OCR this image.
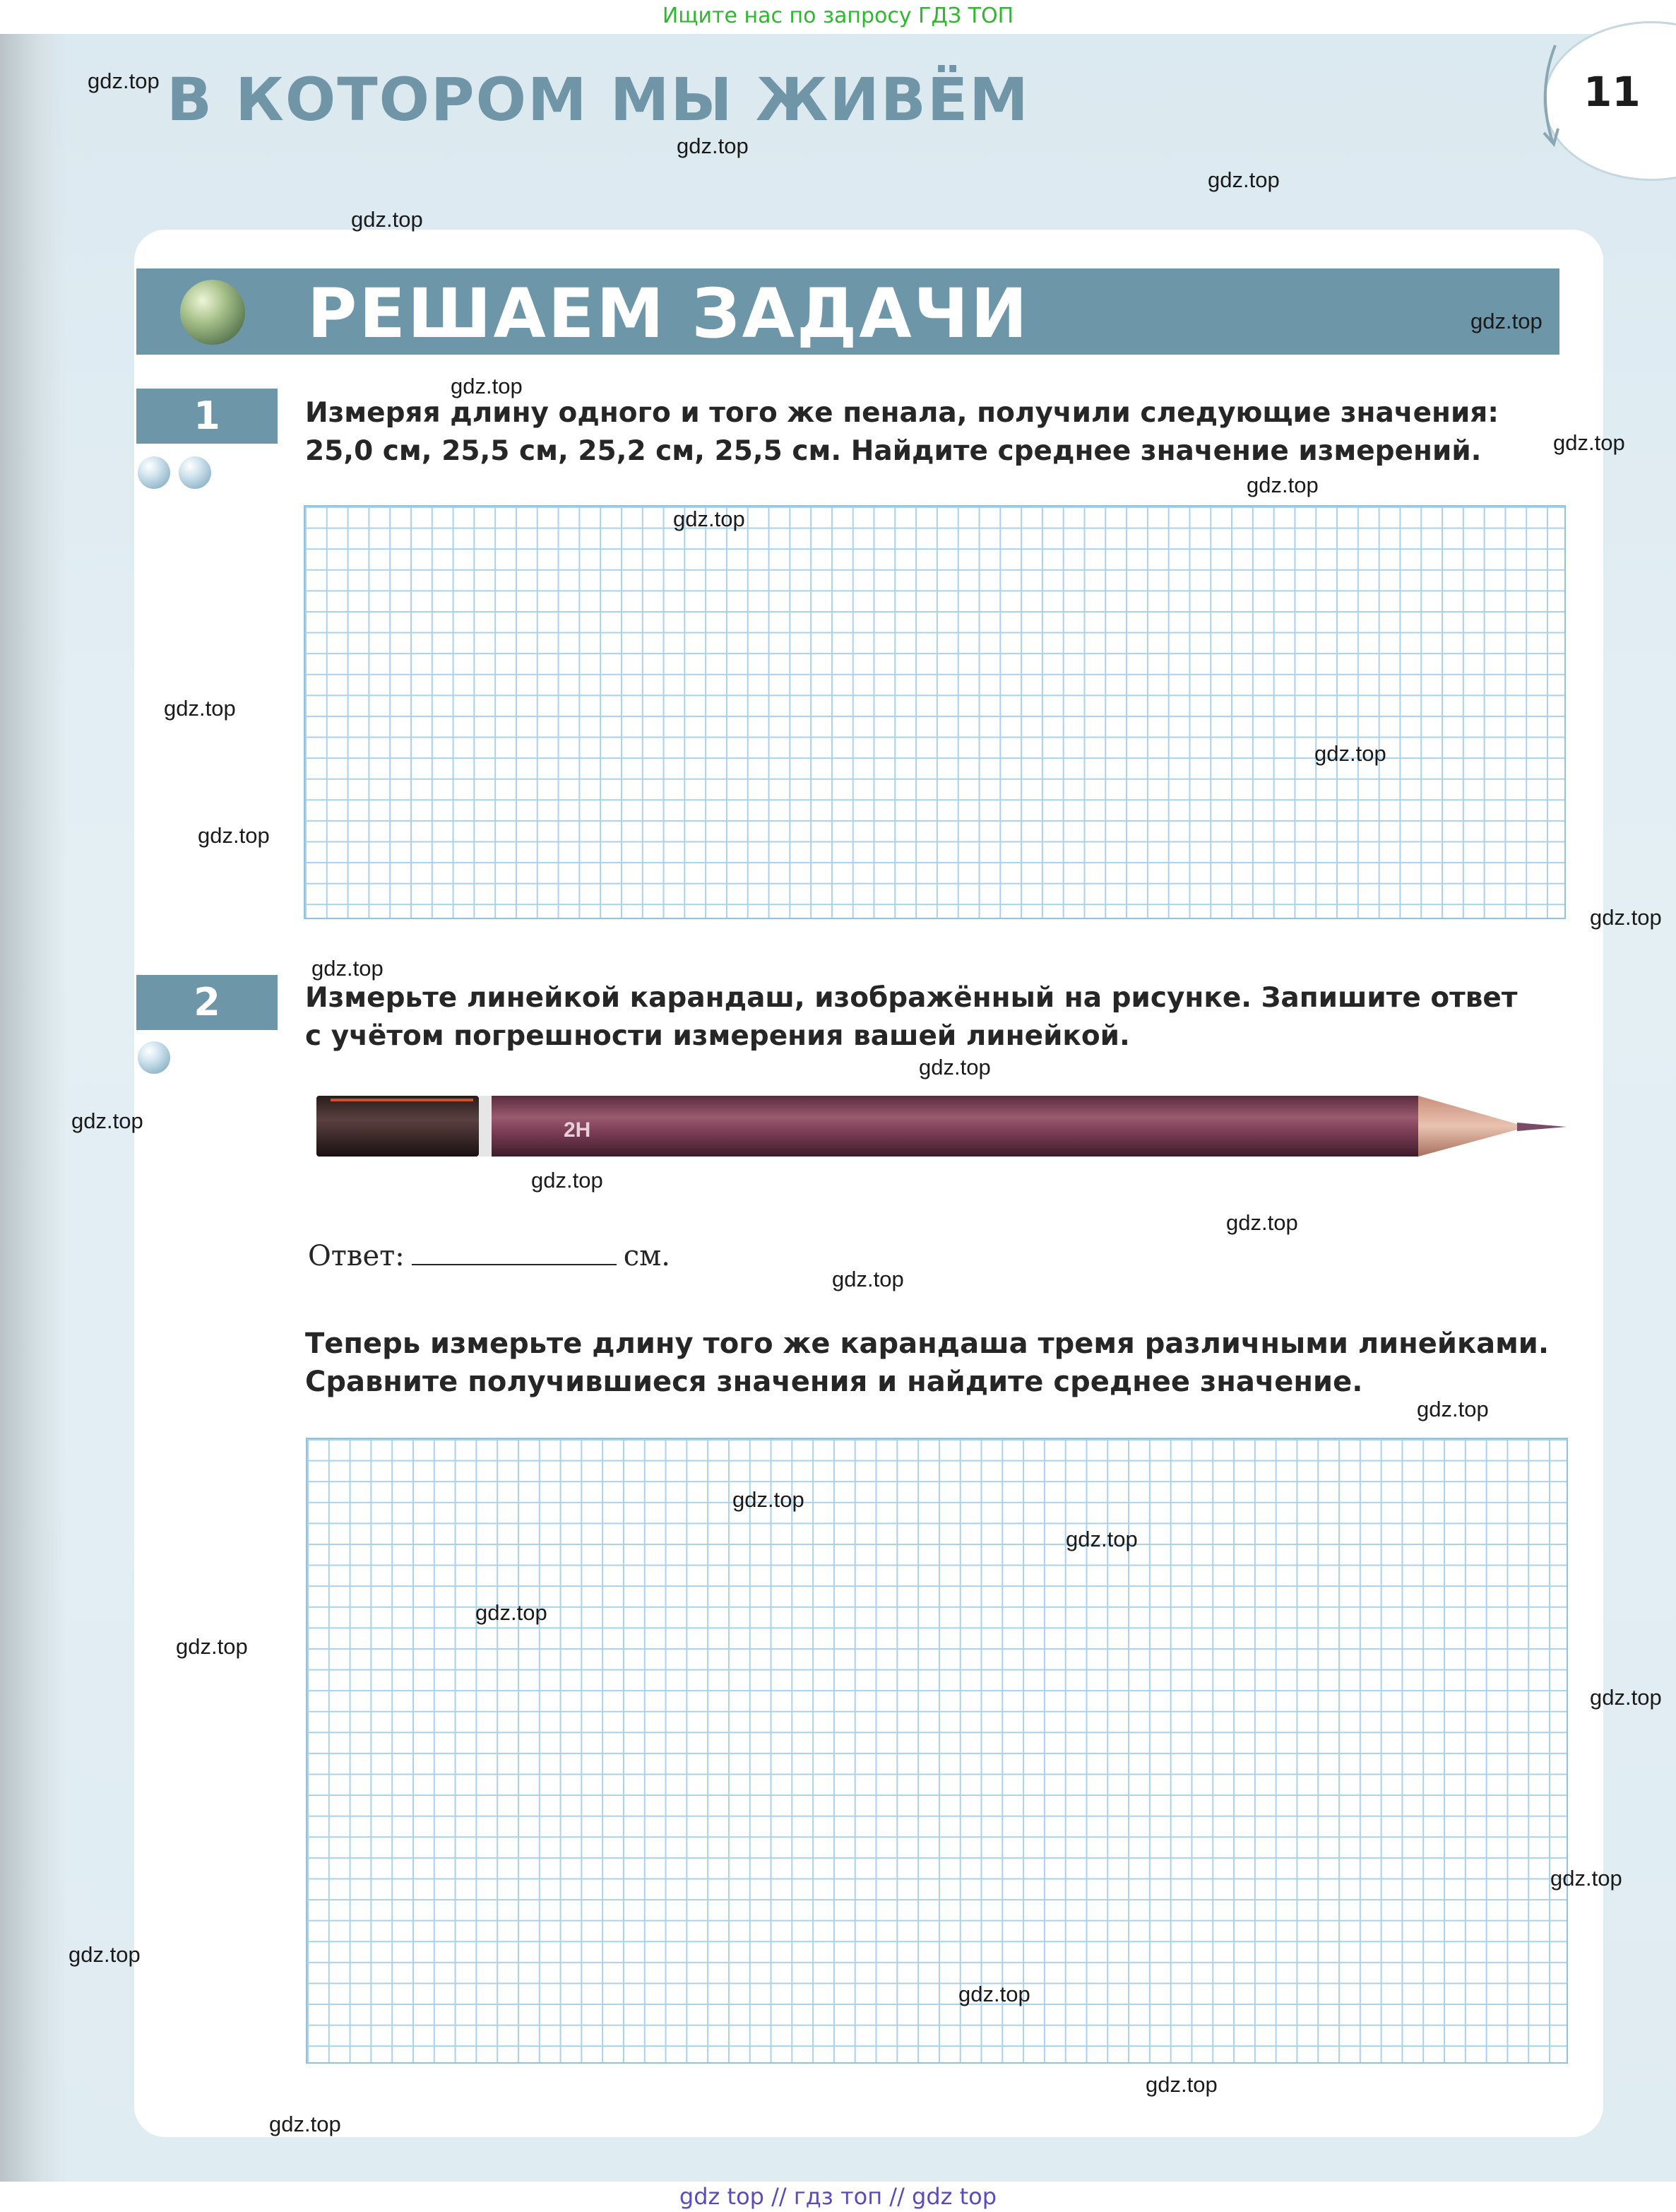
Ищите нас по запросу ГДЗ ТОП
В КОТОРОМ МЫ ЖИВЁМ	11
РЕШАЕМ ЗАДАЧИ
1	Измеряя длину одного и того же пенала, получили следующие значения:
25,0 см, 25,5 см, 25,2 см, 25,5 см. Найдите среднее значение измерений.
2	Измерьте линейкой карандаш, изображённый на рисунке. Запишите ответ
с учётом погрешности измерения вашей линейкой.
2H
Ответ:	см.
Теперь измерьте длину того же карандаша тремя различными линейками.
Сравните получившиеся значения и найдите среднее значение.
gdz.top
gdz.top
gdz.top
gdz.top
gdz.top
gdz.top
gdz.top
gdz.top
gdz.top
gdz.top
gdz.top
gdz.top
gdz.top
gdz.top
gdz.top
gdz.top
gdz.top
gdz.top
gdz.top
gdz.top
gdz.top
gdz.top
gdz.top
gdz.top
gdz.top
gdz.top
gdz.top
gdz.top
gdz.top
gdz.top
gdz top // гдз топ // gdz top
